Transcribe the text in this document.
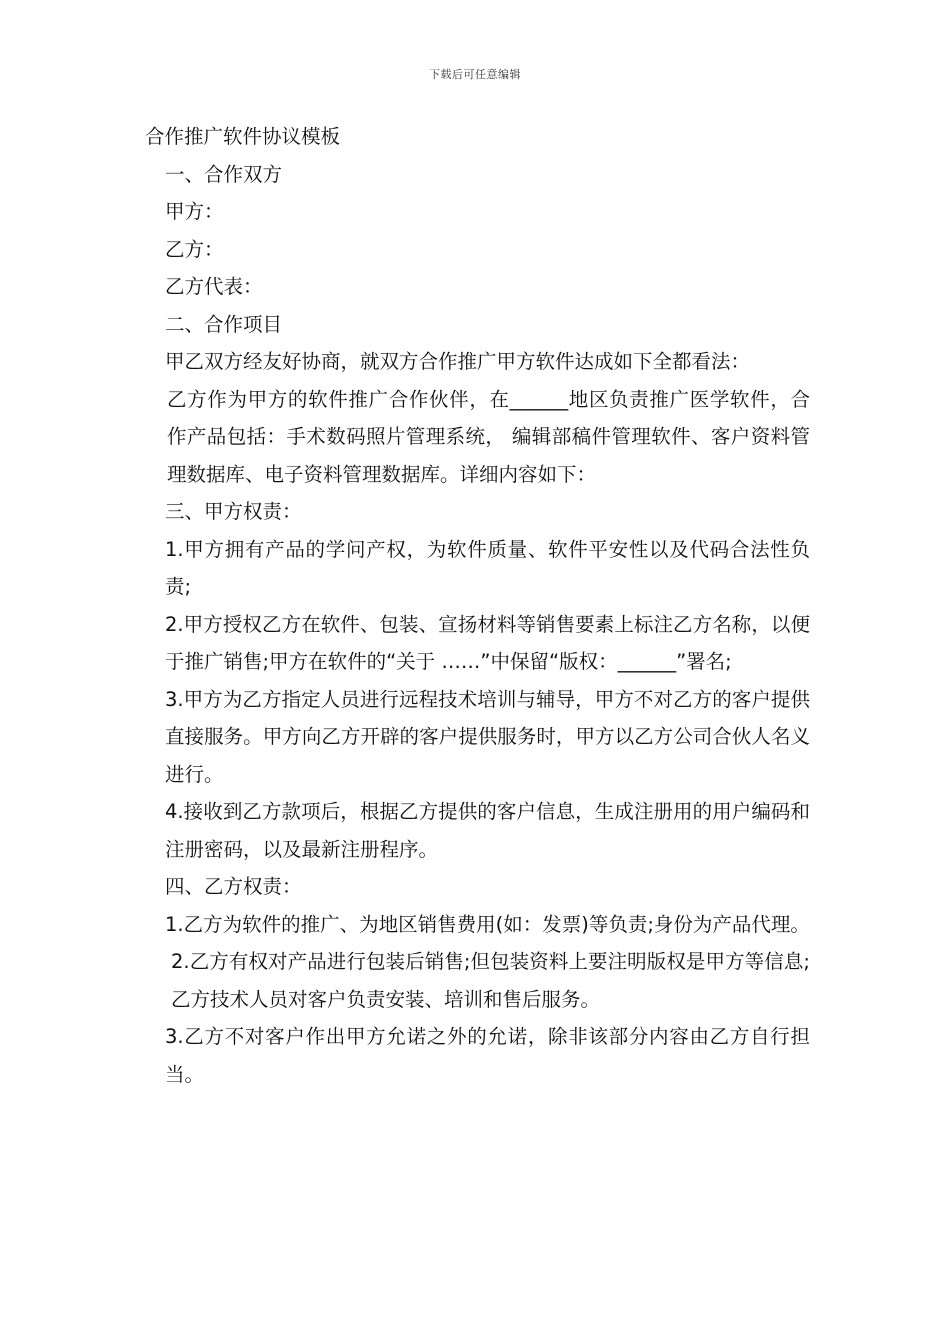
下载后可任意编辑

合作推广软件协议模板

一、合作双方

甲方：

乙方：

乙方代表：

二、合作项目

甲乙双方经友好协商，就双方合作推广甲方软件达成如下全都看法：

乙方作为甲方的软件推广合作伙伴，在______地区负责推广医学软件，合作产品包括：手术数码照片管理系统， 编辑部稿件管理软件、客户资料管理数据库、电子资料管理数据库。详细内容如下：

三、甲方权责：

1.甲方拥有产品的学问产权，为软件质量、软件平安性以及代码合法性负责;

2.甲方授权乙方在软件、包装、宣扬材料等销售要素上标注乙方名称，以便于推广销售;甲方在软件的“关于 ……”中保留“版权：______”署名;

3.甲方为乙方指定人员进行远程技术培训与辅导，甲方不对乙方的客户提供直接服务。甲方向乙方开辟的客户提供服务时，甲方以乙方公司合伙人名义进行。

4.接收到乙方款项后，根据乙方提供的客户信息，生成注册用的用户编码和注册密码，以及最新注册程序。

四、乙方权责：

1.乙方为软件的推广、为地区销售费用(如：发票)等负责;身份为产品代理。

2.乙方有权对产品进行包装后销售;但包装资料上要注明版权是甲方等信息;乙方技术人员对客户负责安装、培训和售后服务。

3.乙方不对客户作出甲方允诺之外的允诺，除非该部分内容由乙方自行担当。
